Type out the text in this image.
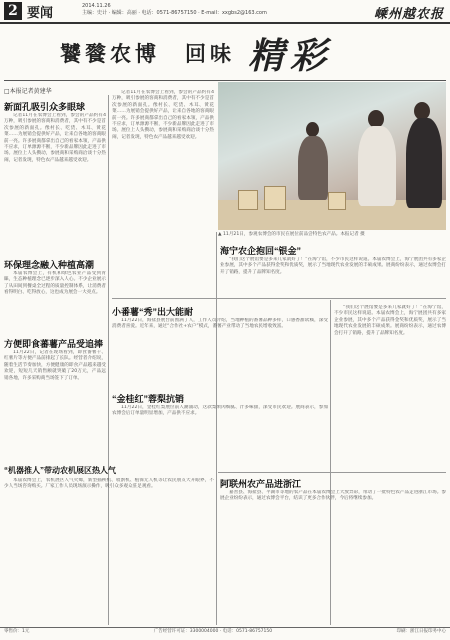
2 要闻	2014.11.26
主编：史计 · 编辑：高丽 · 电话：0571-86757150 · E-mail：xxgbs2@163.com	嵊州越农报
饕餮农博　回味 精彩
□本报记者黄建华
新面孔吸引众多眼球
记者11月在农博会上看到，参会的产品约有4万种，吸引参展的客商和消费者，其中有不少是首次参展的新面孔。像村长、吃货、木耳、黄花菜……为展销会提供好产品，让来自各地的客商眼前一亮。许多展商都拿出自己的看家本领，产品供不应求，订单源源不断，不少新品牌因此走进了市场。展位上人头攒动，参展商和采购商洽谈十分热闹，记者发现，特色农产品越来越受欢迎。
环保理念融入种植高潮
本届农博会上，有机和绿色农业产品受到青睐，生态种植理念已逐步深入人心。不少企业展示了从田间到餐桌全过程的质量控制体系，让消费者看得明白、吃得放心，这也成为展会一大亮点。
方便即食蕃薯产品受追捧
11月22日，记者在现场看到，即食番薯干、红薯片等方便产品前排起了长队。经营者介绍说，随着生活节奏加快，方便健康的即食产品越来越受欢迎，短短几天销售额就突破了20万元，产品远销各地，许多采购商当场签下了订单。
“机器推人”带动农机展区热人气
本届农博会上，农机展区人气火爆，新型插秧机、收割机、植保无人机等让农民朋友大开眼界，不少人当场咨询购买。厂家工作人员现场演示操作，吸引众多观众驻足观看。
记者11月在农博会上看到，参会的产品约有4万种，吸引参展的客商和消费者，其中有不少是首次参展的新面孔。像村长、吃货、木耳、黄花菜……为展销会提供好产品，让来自各地的客商眼前一亮。许多展商都拿出自己的看家本领，产品供不应求，订单源源不断，不少新品牌因此走进了市场。展位上人头攒动，参展商和采购商洽谈十分热闹，记者发现，特色农产品越来越受欢迎。
▲ 11月21日，参观农博会的市民在展位前品尝特色农产品。本报记者 摄
海宁农企抱回“银金”
“我们这个展馆要是多来几家就好了！”在海宁馆，不少市民这样说道。本届农博会上，海宁展团共有多家企业参展，其中多个产品获得金奖和优质奖，展示了当地现代农业发展的丰硕成果。展商纷纷表示，通过农博会打开了销路，提升了品牌知名度。
小番薯“秀”出大能耐
11月22日，海盐县展台前围满了人，工作人员介绍，当地种植的番薯品种多样，口感香甜软糯，深受消费者喜爱。近年来，通过“合作社+农户”模式，番薯产业带动了当地农民增收致富。
“金桂红”蓉梨抗销
11月22日，金桂红梨展位前人潮涌动，这款梨果肉细腻、汁多味甜，深受市民欢迎。展商表示，参加农博会后订单量明显增加，产品供不应求。
“我们这个展馆要是多来几家就好了！”在海宁馆，不少市民这样说道。本届农博会上，海宁展团共有多家企业参展，其中多个产品获得金奖和优质奖，展示了当地现代农业发展的丰硕成果。展商纷纷表示，通过农博会打开了销路，提升了品牌知名度。
阿联州农产品进浙江
嘉善县、海盐县、平湖市等地的农产品在本届农博会上大放异彩，带动了一批特色农产品走进浙江市场。参展企业纷纷表示，通过农博会平台，结识了更多合作伙伴，今后将继续参加。
零售价：1元	广告经营许可证：3300004000 · 电话：0571-86757150	印刷：浙江日报印务中心
